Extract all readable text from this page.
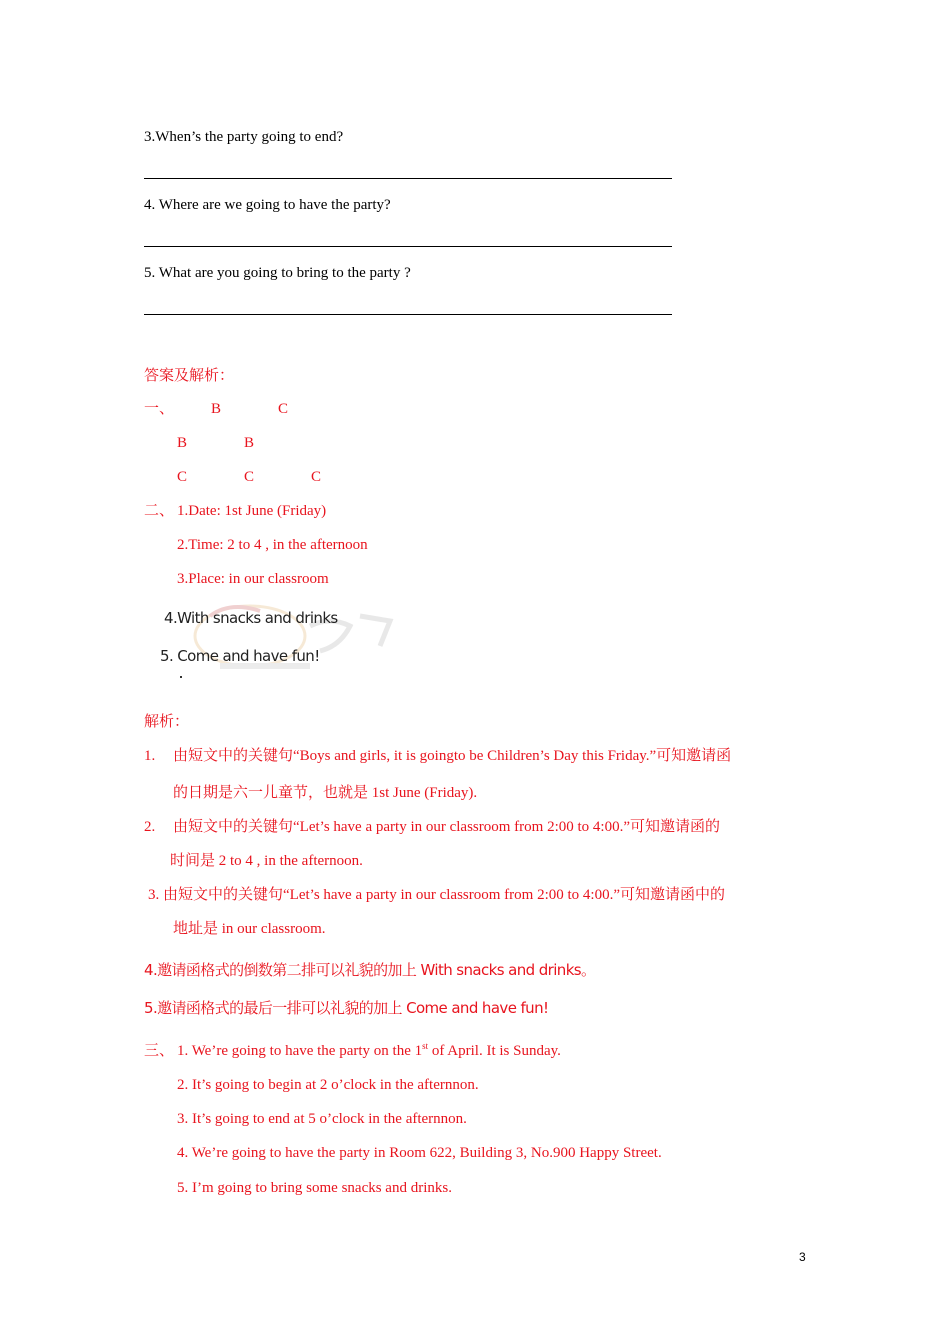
3.When’s the party going to end?
4. Where are we going to have the party?
5. What are you going to bring to the party ?
答案及解析：
一、 B	C
B	B
C	C	C
二、 1.Date: 1st June (Friday)
2.Time: 2 to 4 , in the afternoon
3.Place: in our classroom
4.With snacks and drinks
5. Come and have fun!
解析：
1. 由短文中的关键句“Boys and girls, it is goingto be Children’s Day this Friday.”可知邀请函
的日期是六一儿童节，也就是 1st June (Friday).
2. 由短文中的关键句“Let’s have a party in our classroom from 2:00 to 4:00.”可知邀请函的
时间是 2 to 4 , in the afternoon.
3. 由短文中的关键句“Let’s have a party in our classroom from 2:00 to 4:00.”可知邀请函中的
地址是 in our classroom.
4.邀请函格式的倒数第二排可以礼貌的加上 With snacks and drinks。
5.邀请函格式的最后一排可以礼貌的加上 Come and have fun!
三、 1. We’re going to have the party on the 1st of April. It is Sunday.
2. It’s going to begin at 2 o’clock in the afternnon.
3. It’s going to end at 5 o’clock in the afternnon.
4. We’re going to have the party in Room 622, Building 3, No.900 Happy Street.
5. I’m going to bring some snacks and drinks.
3
